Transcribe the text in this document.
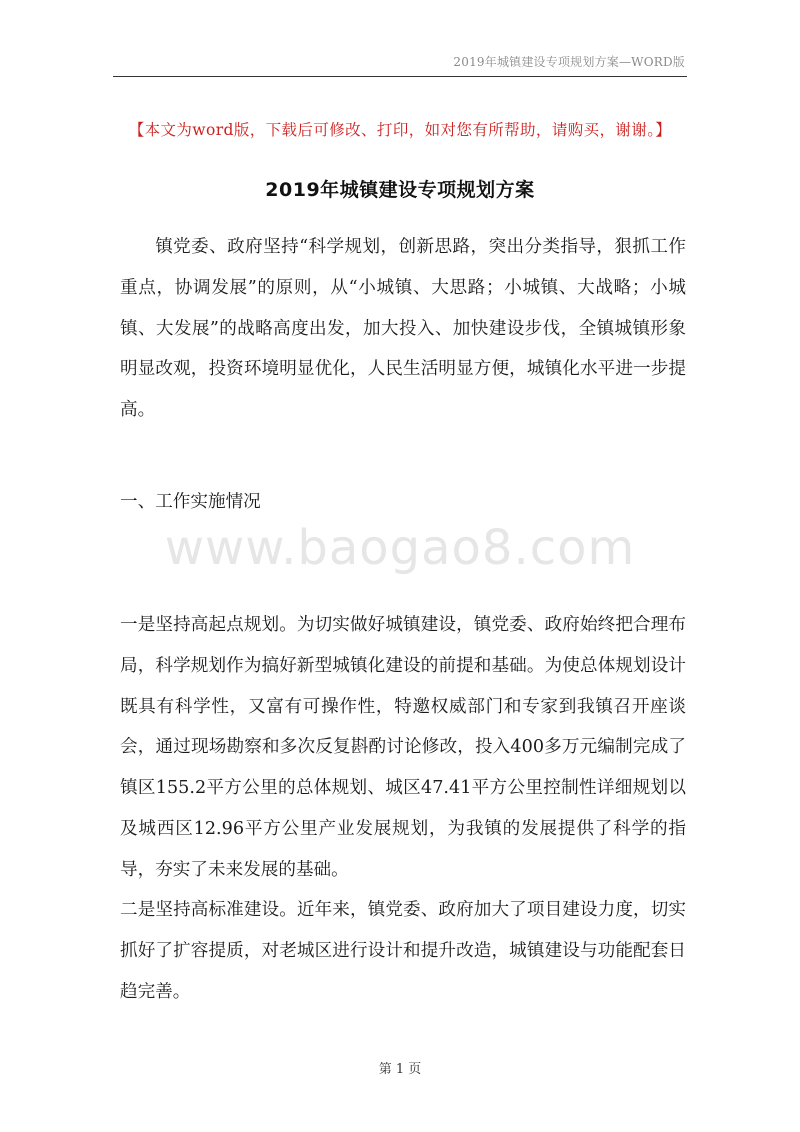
2019年城镇建设专项规划方案—WORD版
【本文为word版，下载后可修改、打印，如对您有所帮助，请购买，谢谢。】
2019年城镇建设专项规划方案

镇党委、政府坚持“科学规划，创新思路，突出分类指导，狠抓工作重点，协调发展”的原则，从“小城镇、大思路；小城镇、大战略；小城镇、大发展”的战略高度出发，加大投入、加快建设步伐，全镇城镇形象明显改观，投资环境明显优化，人民生活明显方便，城镇化水平进一步提高。

一、工作实施情况

www.baogao8.com

一是坚持高起点规划。为切实做好城镇建设，镇党委、政府始终把合理布局，科学规划作为搞好新型城镇化建设的前提和基础。为使总体规划设计既具有科学性，又富有可操作性，特邀权威部门和专家到我镇召开座谈会，通过现场勘察和多次反复斟酌讨论修改，投入400多万元编制完成了镇区155.2平方公里的总体规划、城区47.41平方公里控制性详细规划以及城西区12.96平方公里产业发展规划，为我镇的发展提供了科学的指导，夯实了未来发展的基础。

二是坚持高标准建设。近年来，镇党委、政府加大了项目建设力度，切实抓好了扩容提质，对老城区进行设计和提升改造，城镇建设与功能配套日趋完善。

第 1 页
